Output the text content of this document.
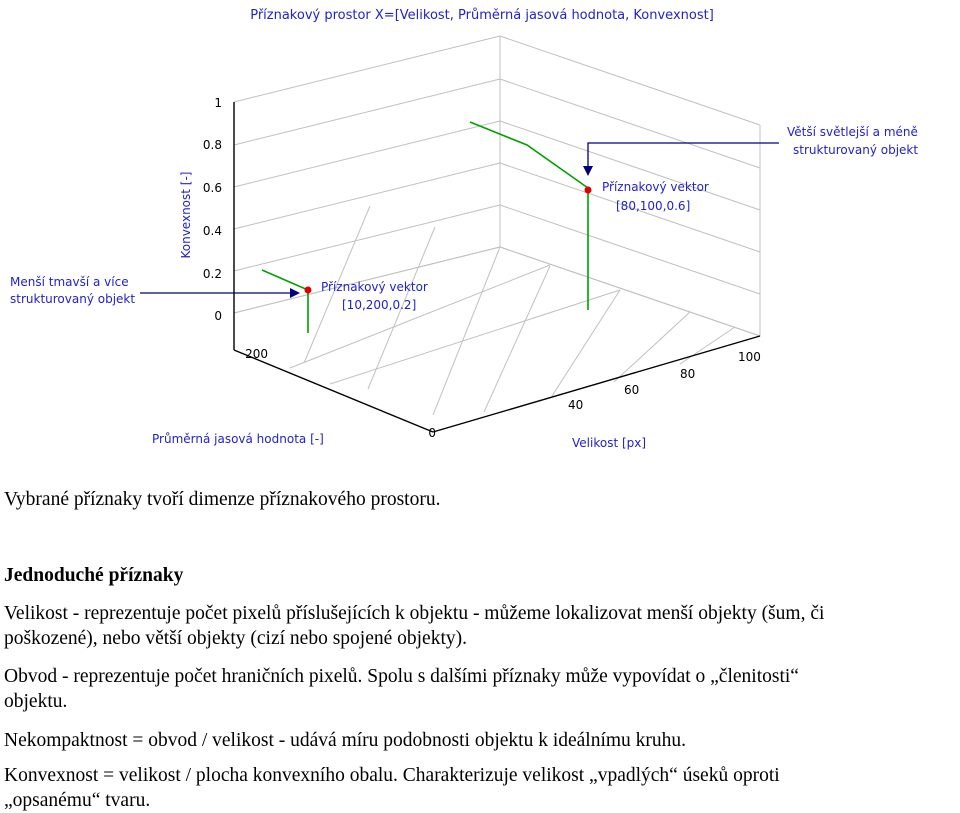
Příznakový prostor X=[Velikost, Průměrná jasová hodnota, Konvexnost]
0
0.2
0.4
0.6
0.8
1
Konvexnost [-]
0
200
Průměrná jasová hodnota [-]
40
60
80
100
Velikost [px]
Příznakový vektor
[10,200,0.2]
Příznakový vektor
[80,100,0.6]
Menší tmavší a více
strukturovaný objekt
Větší světlejší a méně
strukturovaný objekt

Vybrané příznaky tvoří dimenze příznakového prostoru.

Jednoduché příznaky

Velikost - reprezentuje počet pixelů příslušejících k objektu - můžeme lokalizovat menší objekty (šum, či
poškozené), nebo větší objekty (cizí nebo spojené objekty).
Obvod - reprezentuje počet hraničních pixelů. Spolu s dalšími příznaky může vypovídat o „členitosti“
objektu.

Nekompaktnost = obvod / velikost - udává míru podobnosti objektu k ideálnímu kruhu.

Konvexnost = velikost / plocha konvexního obalu. Charakterizuje velikost „vpadlých“ úseků oproti
„opsanému“ tvaru.
